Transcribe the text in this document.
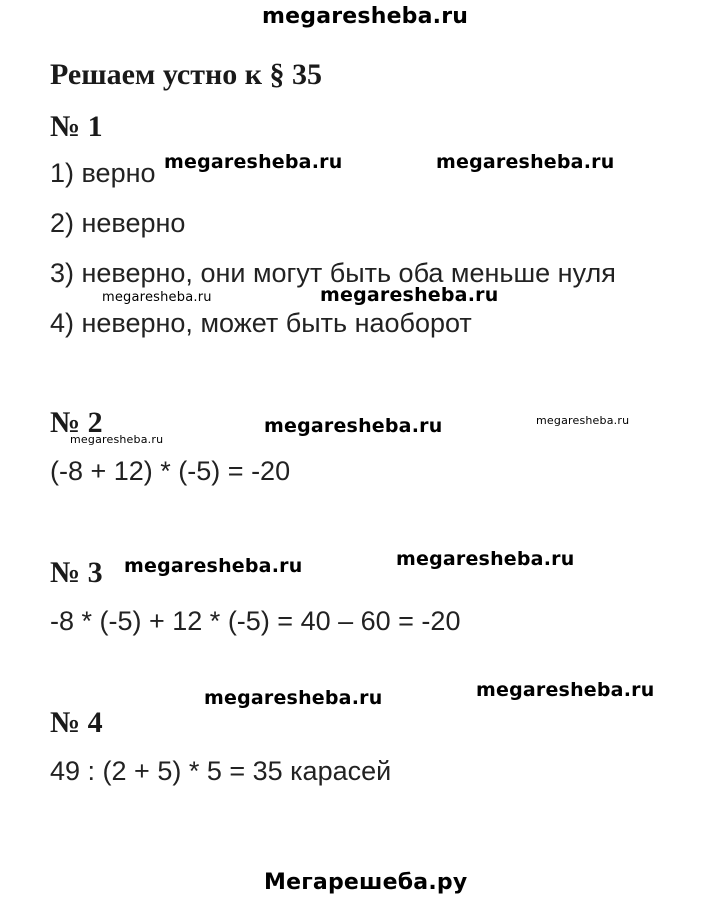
megaresheba.ru
Решаем устно к § 35
№ 1
1) верно
2) неверно
3) неверно, они могут быть оба меньше нуля
4) неверно, может быть наоборот
№ 2
(-8 + 12) * (-5) = -20
№ 3
-8 * (-5) + 12 * (-5) = 40 – 60 = -20
№ 4
49 : (2 + 5) * 5 = 35 карасей
megaresheba.ru	megaresheba.ru
megaresheba.ru	megaresheba.ru
megaresheba.ru
megaresheba.ru
megaresheba.ru
megaresheba.ru
megaresheba.ru
megaresheba.ru
megaresheba.ru
Мегарешеба.ру
